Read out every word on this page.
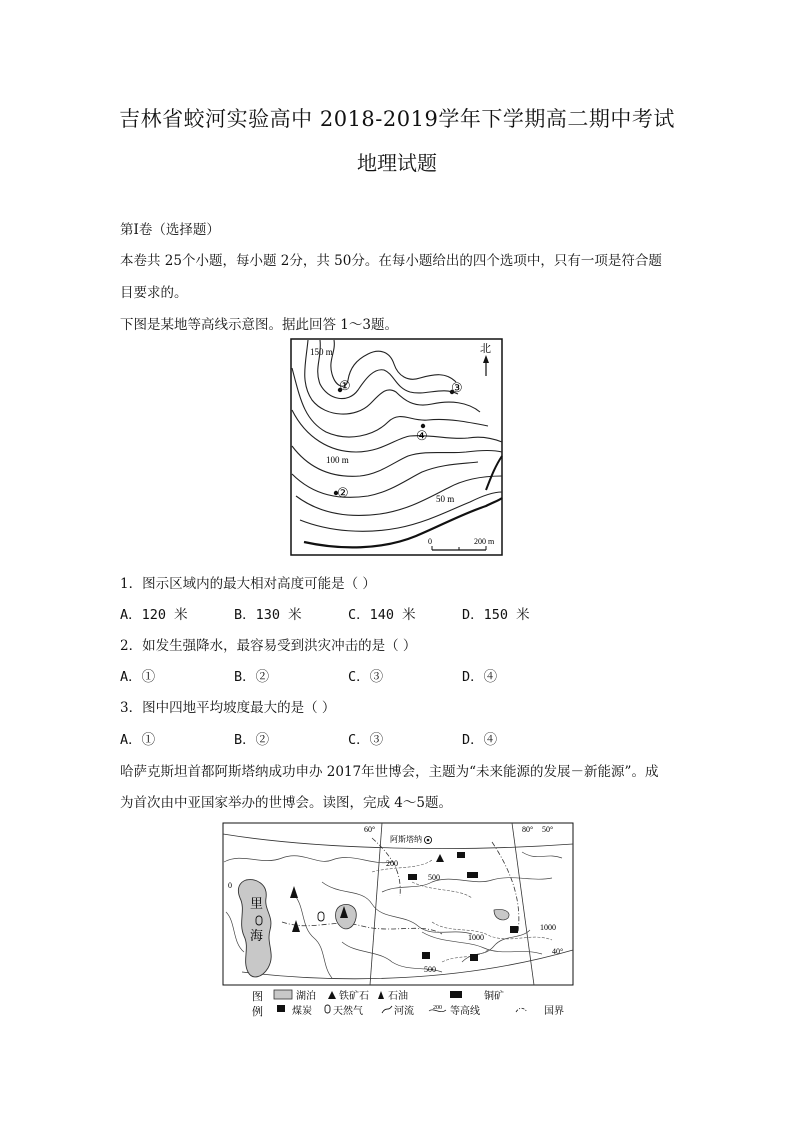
吉林省蛟河实验高中 2018-2019学年下学期高二期中考试
地理试题
第Ⅰ卷（选择题）
本卷共 25个小题，每小题 2分，共 50分。在每小题给出的四个选项中，只有一项是符合题
目要求的。
下图是某地等高线示意图。据此回答 1～3题。
150 m
100 m
50 m
北
①
②
③
④
0	200 m
1．图示区域内的最大相对高度可能是（ ）
A．120 米	B．130 米	C．140 米	D．150 米
2．如发生强降水，最容易受到洪灾冲击的是（ ）
A．①	B．②	C．③	D．④
3．图中四地平均坡度最大的是（ ）
A．①	B．②	C．③	D．④
哈萨克斯坦首都阿斯塔纳成功申办 2017年世博会，主题为“未来能源的发展－新能源”。成
为首次由中亚国家举办的世博会。读图，完成 4～5题。
里
海
阿斯塔纳
60°	80° 50°
40°
0
200
500
1000
1000
500
图
例
湖泊 铁矿石 石油	铜矿
煤炭 天然气	河流	200 等高线	国界
